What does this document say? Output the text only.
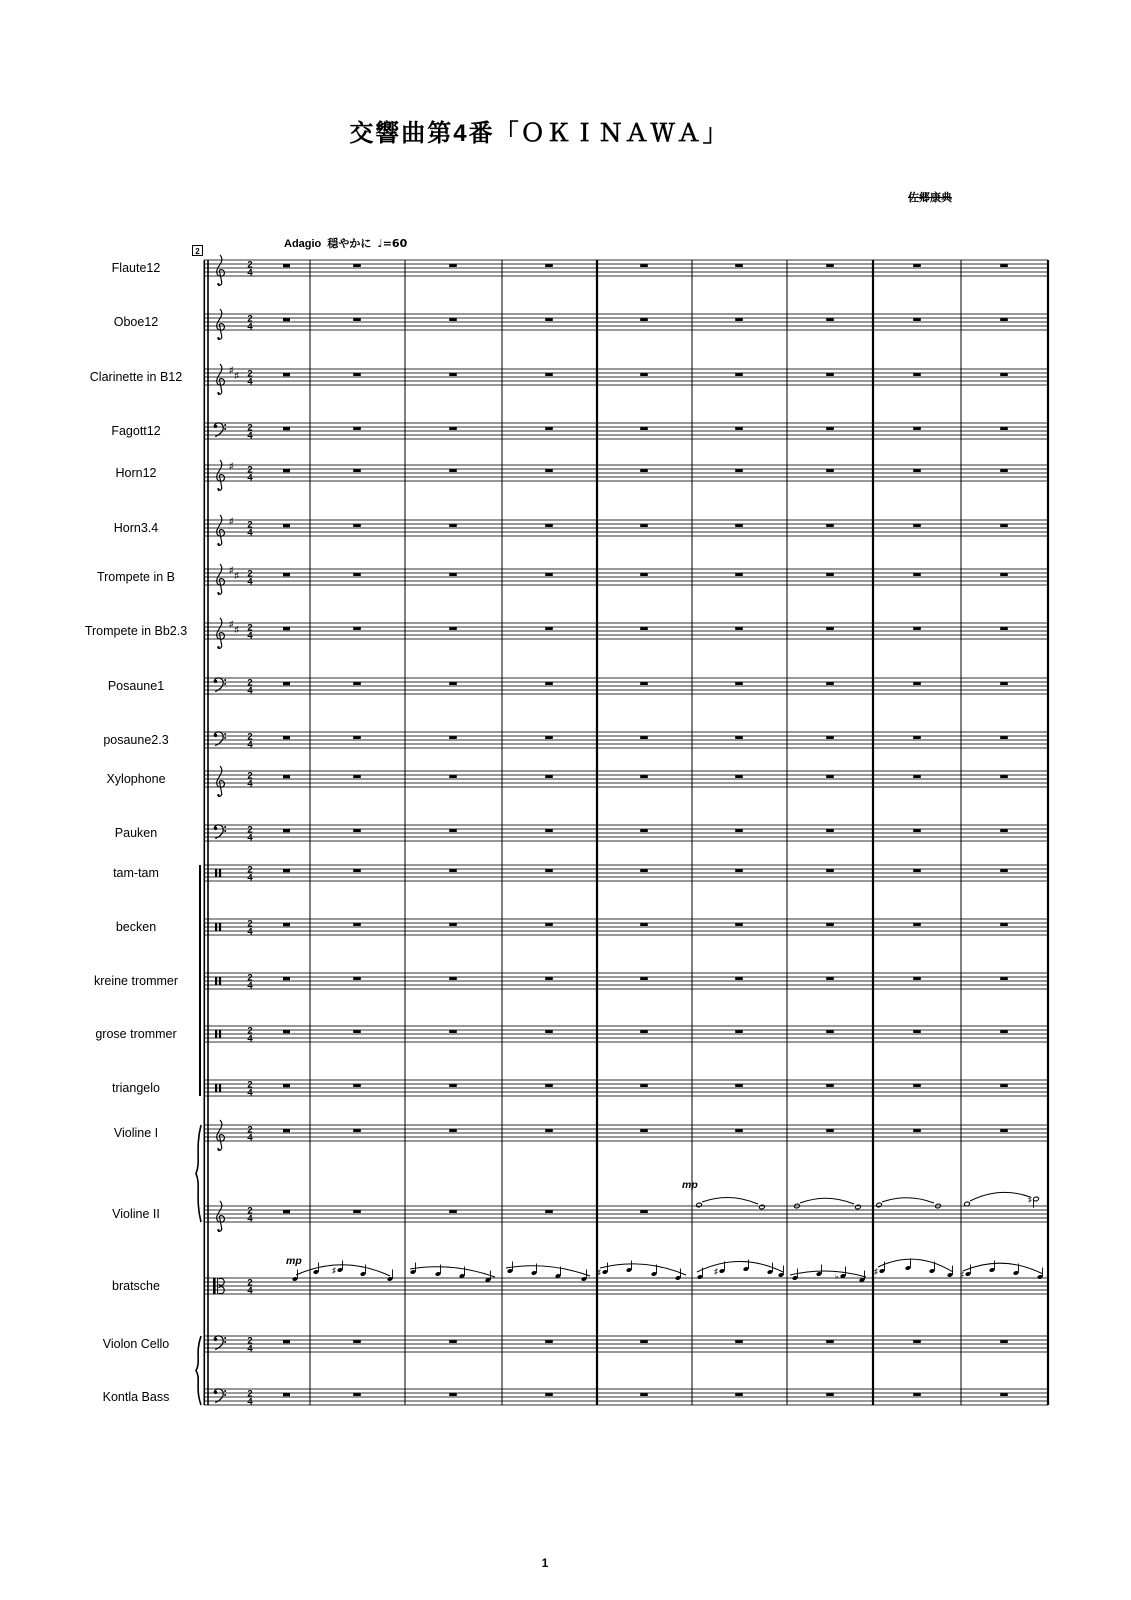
交響曲第4番「ＯＫＩＮＡＷＡ」
佐郷康典
2
Adagio 穏やかに ♩=60
Flaute12	2
4
Oboe12	2
4
Clarinette in B12
♯
♯ 2
4
Fagott12	2
4
Horn12
♯ 2
4
Horn3.4
♯ 2
4
Trompete in B
♯
♯ 2
4
Trompete in Bb2.3
♯
♯ 2
4
Posaune1	2
4
posaune2.3	2
4
Xylophone	2
4
Pauken	2
4
tam-tam	2
4
becken	2
4
kreine trommer	2
4
grose trommer	2
4
triangelo	2
4
Violine I	2
4
Violine II	2
4
bratsche	2
4
Violon Cello	2
4
Kontla Bass	2
4
mp
♯
mp
♯	♯	♯
♭
♯	♯
1
